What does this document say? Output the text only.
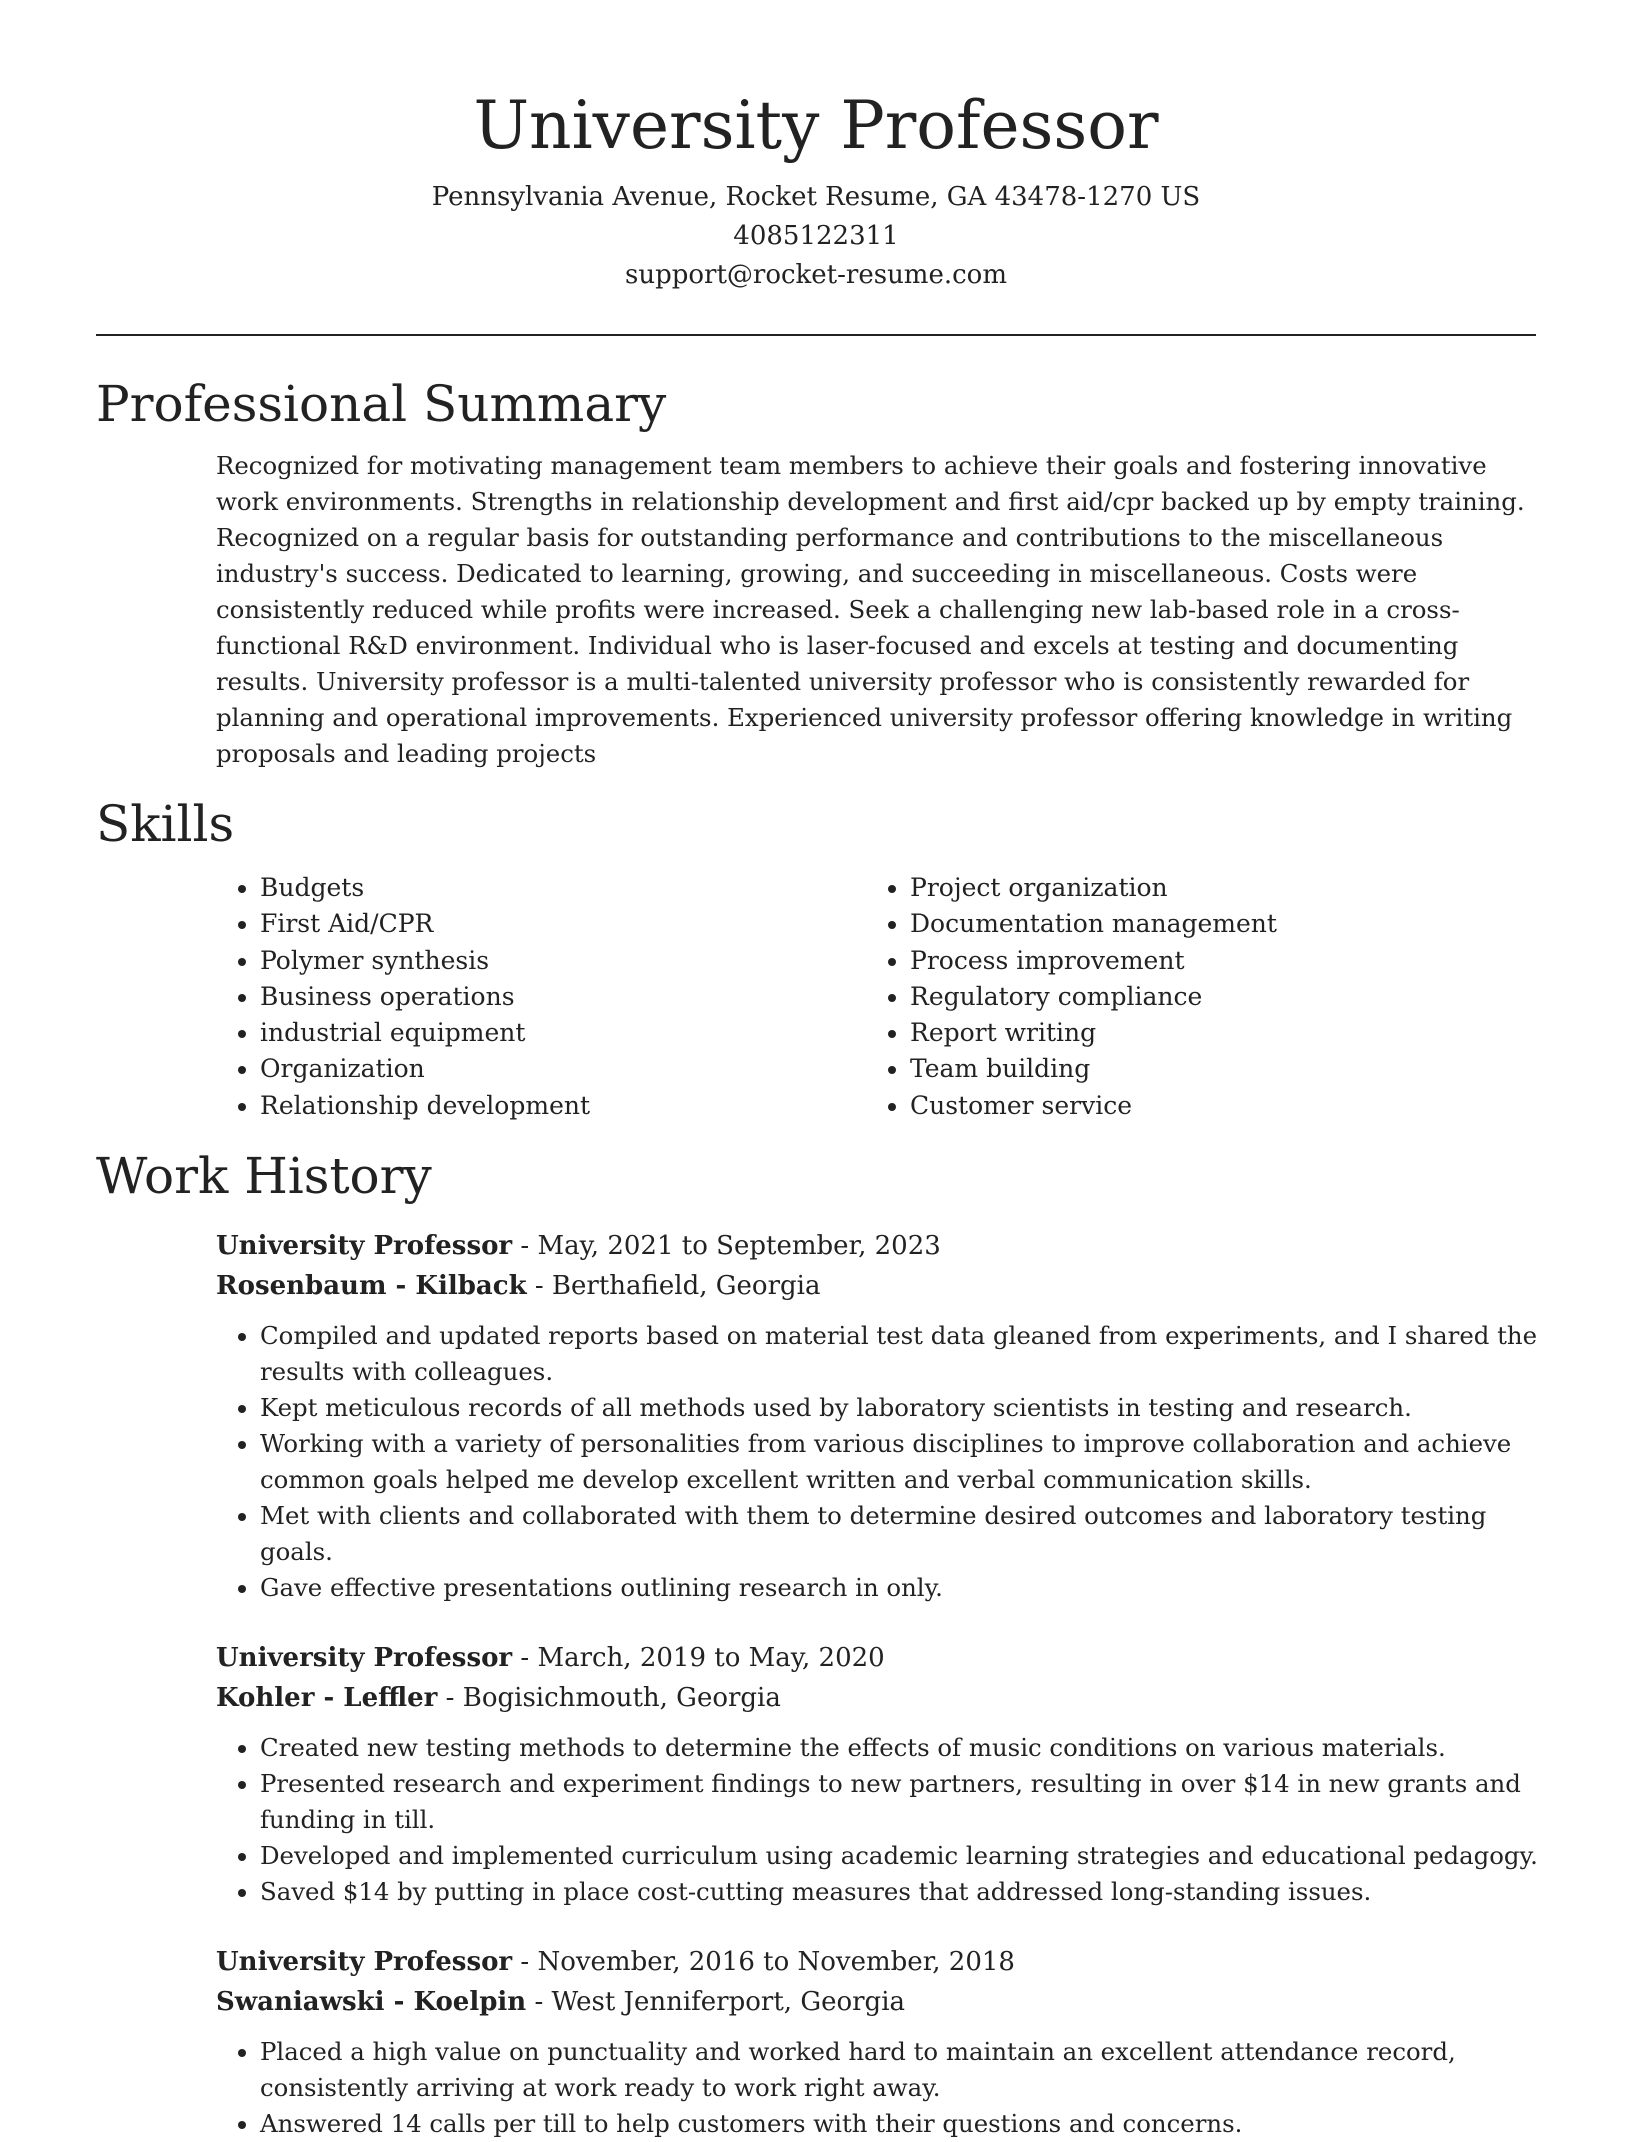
University Professor
Pennsylvania Avenue, Rocket Resume, GA 43478-1270 US
4085122311
support@rocket-resume.com
Professional Summary

Recognized for motivating management team members to achieve their goals and fostering innovative work environments. Strengths in relationship development and first aid/cpr backed up by empty training. Recognized on a regular basis for outstanding performance and contributions to the miscellaneous industry's success. Dedicated to learning, growing, and succeeding in miscellaneous. Costs were consistently reduced while profits were increased. Seek a challenging new lab-based role in a cross-functional R&D environment. Individual who is laser-focused and excels at testing and documenting results. University professor is a multi-talented university professor who is consistently rewarded for planning and operational improvements. Experienced university professor offering knowledge in writing proposals and leading projects

Skills
• Budgets
• First Aid/CPR
• Polymer synthesis
• Business operations
• industrial equipment
• Organization
• Relationship development
• Project organization
• Documentation management
• Process improvement
• Regulatory compliance
• Report writing
• Team building
• Customer service
Work History
University Professor - May, 2021 to September, 2023
Rosenbaum - Kilback - Berthafield, Georgia
• Compiled and updated reports based on material test data gleaned from experiments, and I shared the results with colleagues.
• Kept meticulous records of all methods used by laboratory scientists in testing and research.
• Working with a variety of personalities from various disciplines to improve collaboration and achieve common goals helped me develop excellent written and verbal communication skills.
• Met with clients and collaborated with them to determine desired outcomes and laboratory testing goals.
• Gave effective presentations outlining research in only.
University Professor - March, 2019 to May, 2020
Kohler - Leffler - Bogisichmouth, Georgia
• Created new testing methods to determine the effects of music conditions on various materials.
• Presented research and experiment findings to new partners, resulting in over $14 in new grants and funding in till.
• Developed and implemented curriculum using academic learning strategies and educational pedagogy.
• Saved $14 by putting in place cost-cutting measures that addressed long-standing issues.
University Professor - November, 2016 to November, 2018
Swaniawski - Koelpin - West Jenniferport, Georgia
• Placed a high value on punctuality and worked hard to maintain an excellent attendance record, consistently arriving at work ready to work right away.
• Answered 14 calls per till to help customers with their questions and concerns.
